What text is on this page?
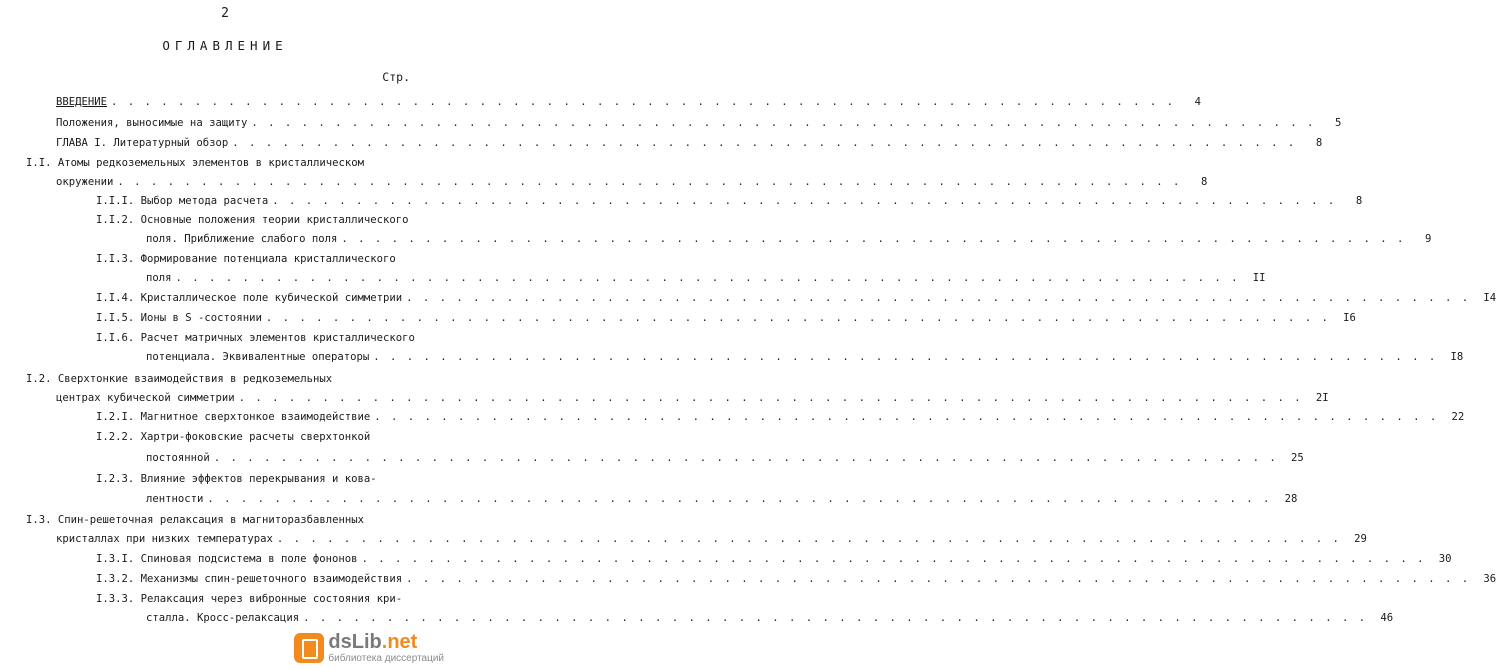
2
ОГЛАВЛЕНИЕ
Стр.
ВВЕДЕНИЕ . . .	4
Положения, выносимые на защиту . . .	5
ГЛАВА I. Литературный обзор . . .	8
I.I. Атомы редкоземельных элементов в кристаллическом
окружении . . .	8
I.I.I. Выбор метода расчета . . .	8
I.I.2. Основные положения теории кристаллического
поля. Приближение слабого поля . . .	9
I.I.3. Формирование потенциала кристаллического
поля . . .	II
I.I.4. Кристаллическое поле кубической симметрии . . .	I4
I.I.5. Ионы в S -состоянии . . .	I6
I.I.6. Расчет матричных элементов кристаллического
потенциала. Эквивалентные операторы . . .	I8
I.2. Сверхтонкие взаимодействия в редкоземельных
центрах кубической симметрии . . .	2I
I.2.I. Магнитное сверхтонкое взаимодействие . . .	22
I.2.2. Хартри-фоковские расчеты сверхтонкой
постоянной . . .	25
I.2.3. Влияние эффектов перекрывания и кова-
лентности . . .	28
I.3. Спин-решеточная релаксация в магниторазбавленных
кристаллах при низких температурах . . .	29
I.3.I. Спиновая подсистема в поле фононов . . .	30
I.3.2. Механизмы спин-решеточного взаимодействия . . .	36
I.3.3. Релаксация через вибронные состояния кри-
сталла. Кросс-релаксация . . .	46
dsLib.net
библиотека диссертаций
